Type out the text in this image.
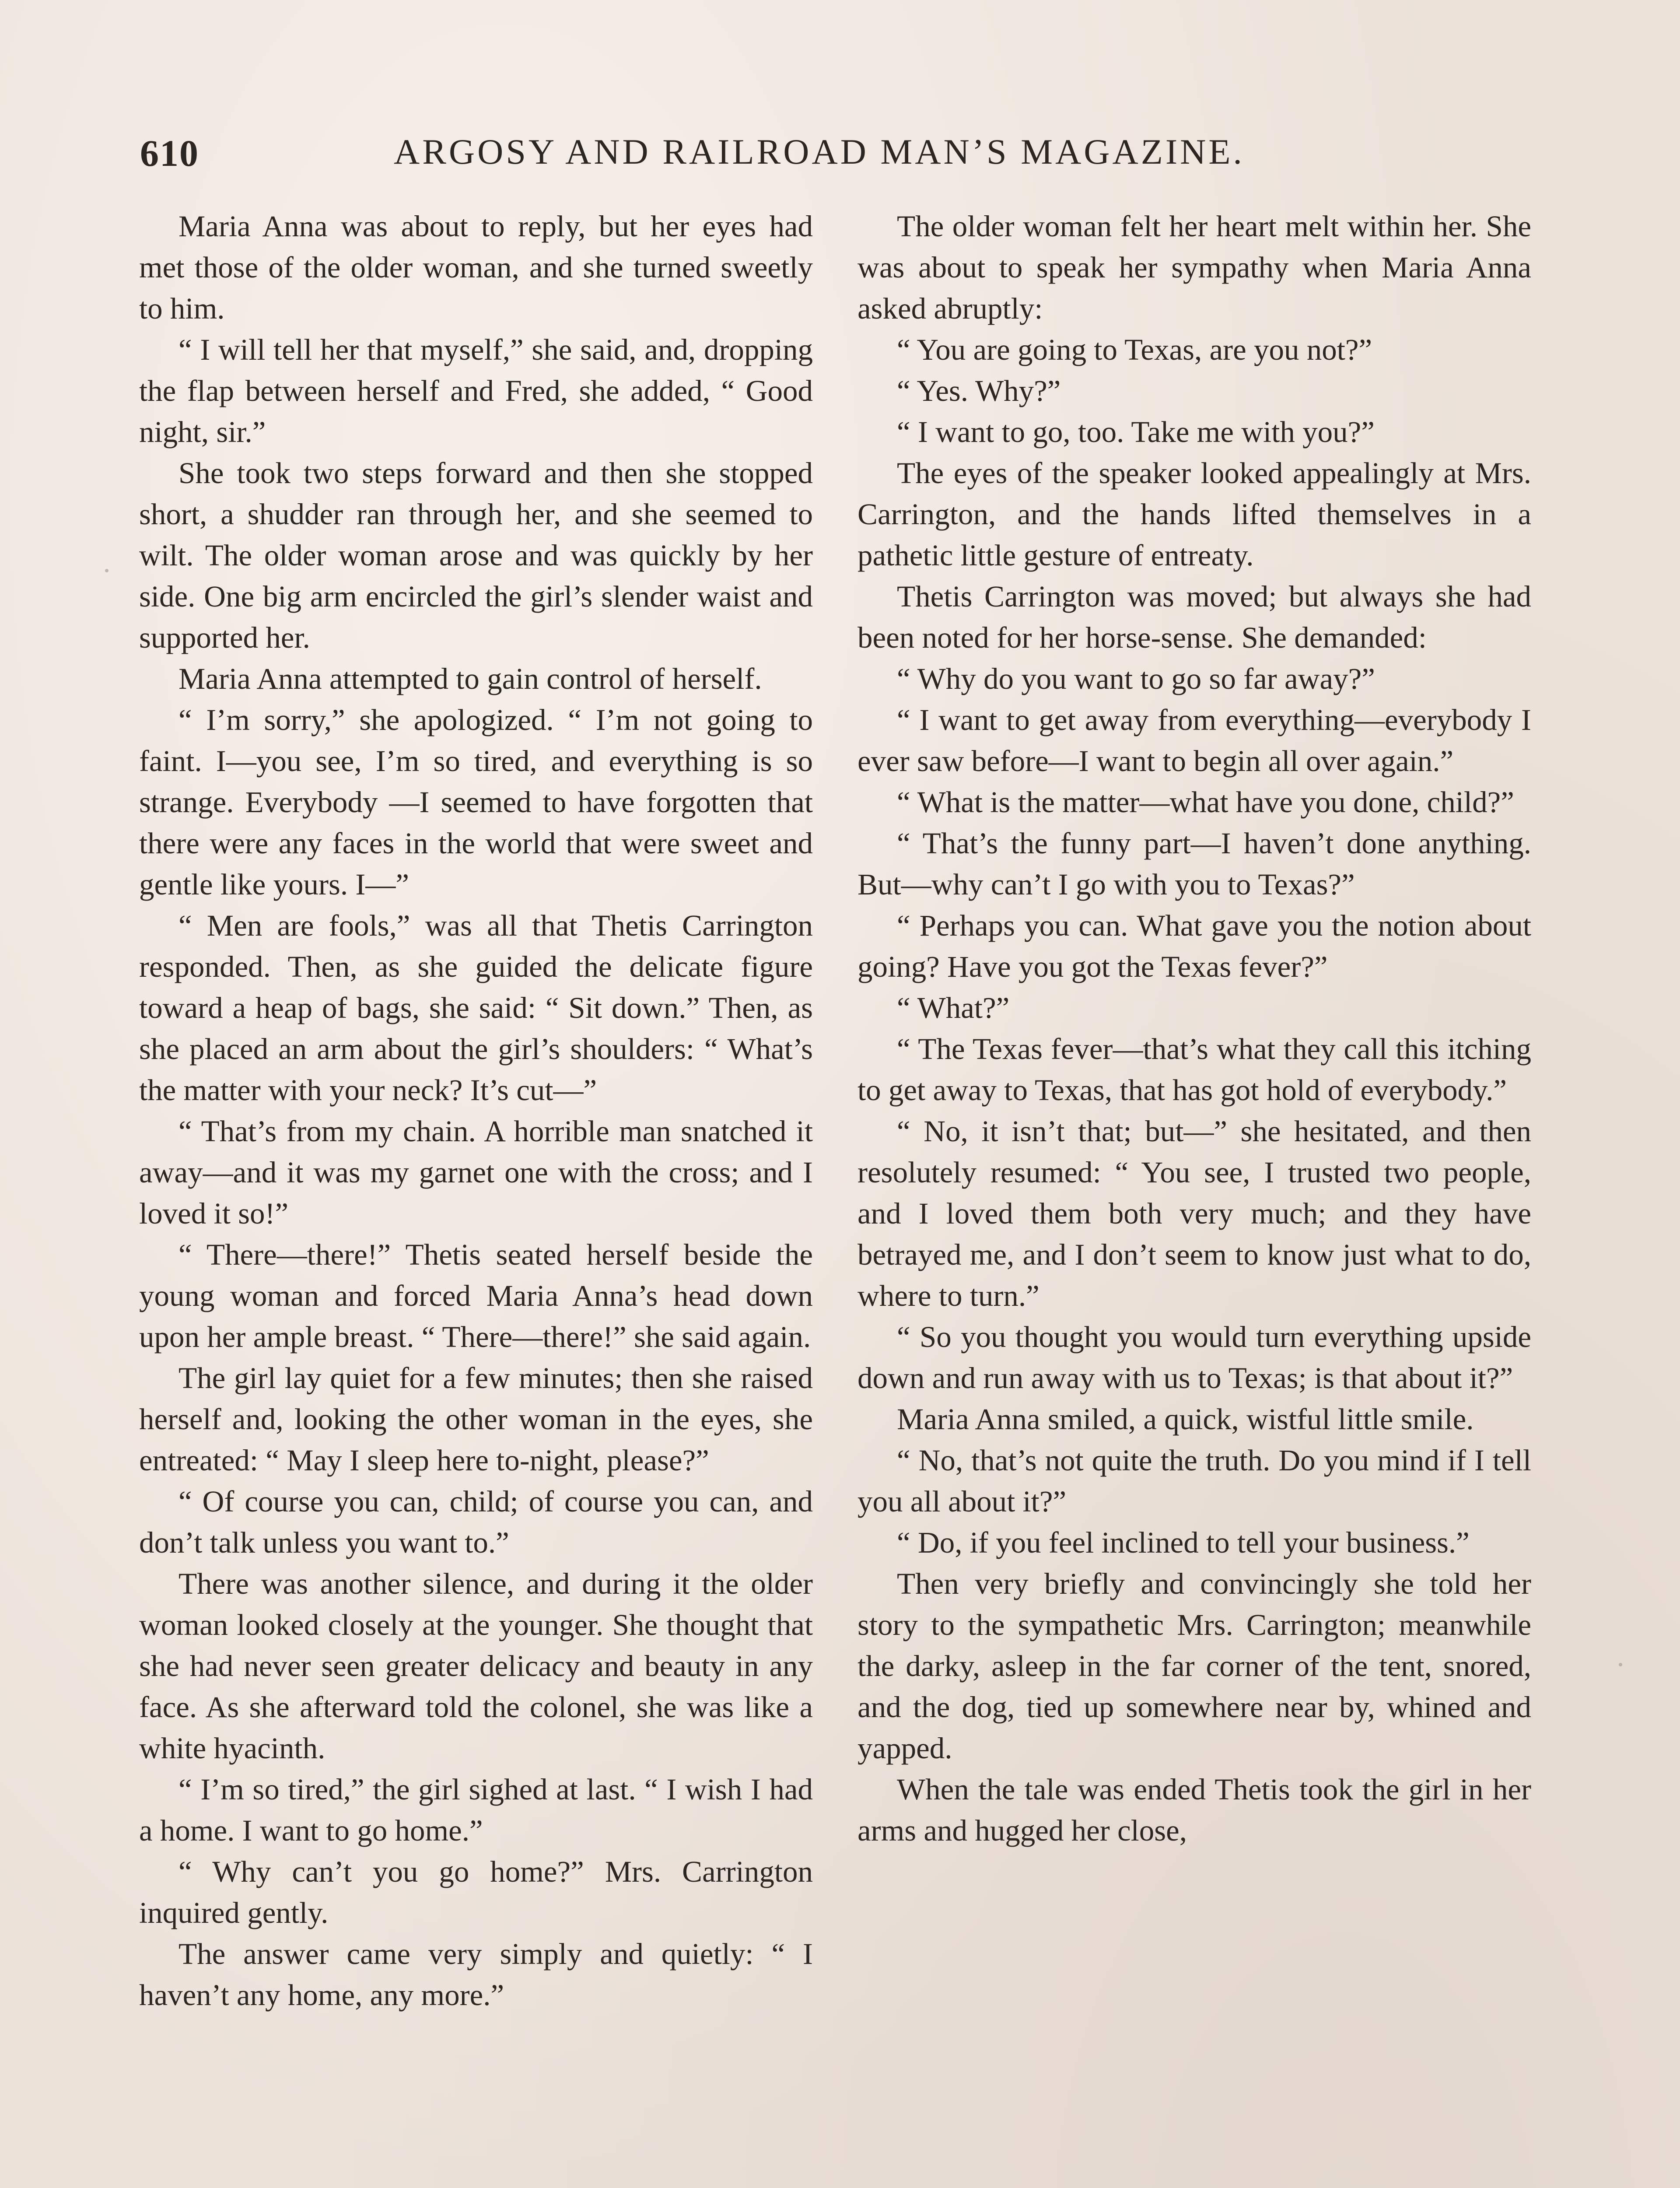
610	ARGOSY AND RAILROAD MAN’S MAGAZINE.

Maria Anna was about to reply, but her eyes had met those of the older woman, and she turned sweetly to him.

“ I will tell her that myself,” she said, and, dropping the flap between herself and Fred, she added, “ Good night, sir.”

She took two steps forward and then she stopped short, a shudder ran through her, and she seemed to wilt. The older woman arose and was quickly by her side. One big arm encircled the girl’s slender waist and supported her.

Maria Anna attempted to gain control of herself.

“ I’m sorry,” she apologized. “ I’m not going to faint. I—you see, I’m so tired, and everything is so strange. Everybody —I seemed to have forgotten that there were any faces in the world that were sweet and gentle like yours. I—”

“ Men are fools,” was all that Thetis Carrington responded. Then, as she guided the delicate figure toward a heap of bags, she said: “ Sit down.” Then, as she placed an arm about the girl’s shoulders: “ What’s the matter with your neck? It’s cut—”

“ That’s from my chain. A horrible man snatched it away—and it was my garnet one with the cross; and I loved it so!”

“ There—there!” Thetis seated herself beside the young woman and forced Maria Anna’s head down upon her ample breast. “ There—there!” she said again.

The girl lay quiet for a few minutes; then she raised herself and, looking the other woman in the eyes, she entreated: “ May I sleep here to-night, please?”

“ Of course you can, child; of course you can, and don’t talk unless you want to.”

There was another silence, and during it the older woman looked closely at the younger. She thought that she had never seen greater delicacy and beauty in any face. As she afterward told the colonel, she was like a white hyacinth.

“ I’m so tired,” the girl sighed at last. “ I wish I had a home. I want to go home.”

“ Why can’t you go home?” Mrs. Carrington inquired gently.

The answer came very simply and quietly: “ I haven’t any home, any more.”

The older woman felt her heart melt within her. She was about to speak her sympathy when Maria Anna asked abruptly:

“ You are going to Texas, are you not?”

“ Yes. Why?”

“ I want to go, too. Take me with you?”

The eyes of the speaker looked appealingly at Mrs. Carrington, and the hands lifted themselves in a pathetic little gesture of entreaty.

Thetis Carrington was moved; but always she had been noted for her horse-sense. She demanded:

“ Why do you want to go so far away?”

“ I want to get away from everything—everybody I ever saw before—I want to begin all over again.”

“ What is the matter—what have you done, child?”

“ That’s the funny part—I haven’t done anything. But—why can’t I go with you to Texas?”

“ Perhaps you can. What gave you the notion about going? Have you got the Texas fever?”

“ What?”

“ The Texas fever—that’s what they call this itching to get away to Texas, that has got hold of everybody.”

“ No, it isn’t that; but—” she hesitated, and then resolutely resumed: “ You see, I trusted two people, and I loved them both very much; and they have betrayed me, and I don’t seem to know just what to do, where to turn.”

“ So you thought you would turn everything upside down and run away with us to Texas; is that about it?”

Maria Anna smiled, a quick, wistful little smile.

“ No, that’s not quite the truth. Do you mind if I tell you all about it?”

“ Do, if you feel inclined to tell your business.”

Then very briefly and convincingly she told her story to the sympathetic Mrs. Carrington; meanwhile the darky, asleep in the far corner of the tent, snored, and the dog, tied up somewhere near by, whined and yapped.

When the tale was ended Thetis took the girl in her arms and hugged her close,
